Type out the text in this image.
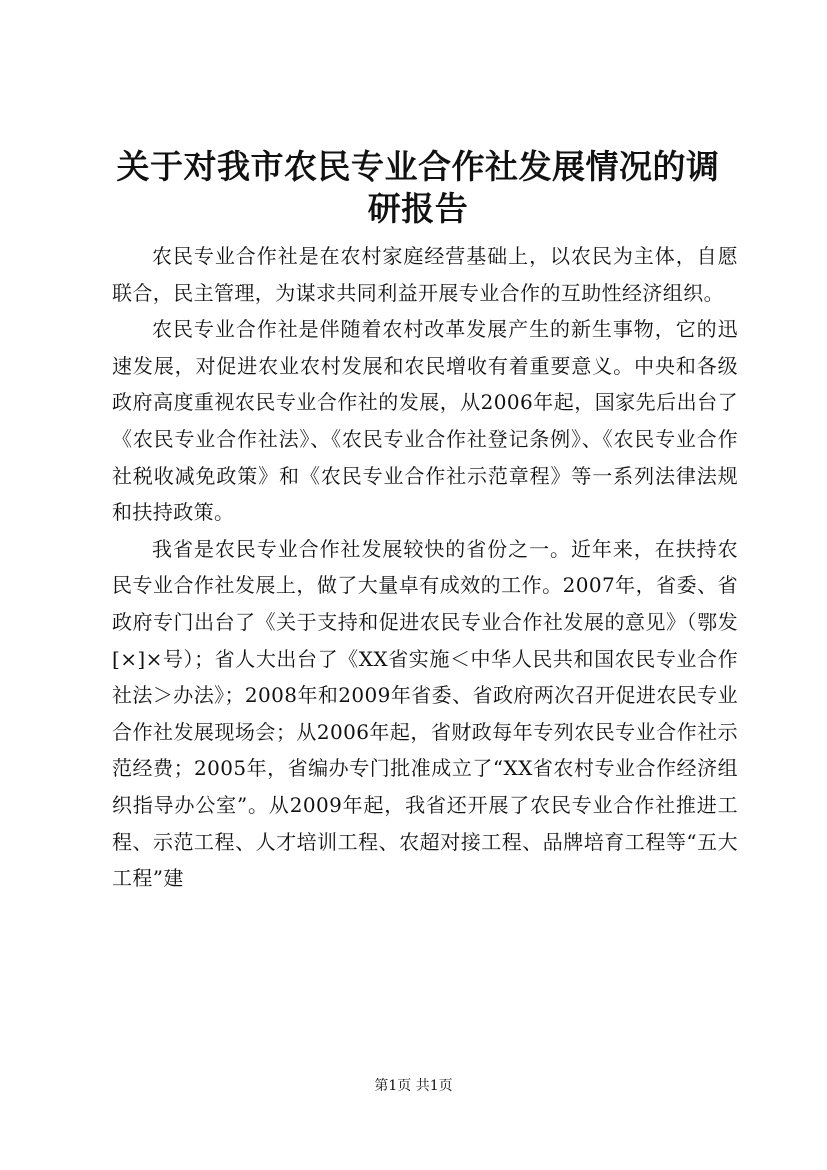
关于对我市农民专业合作社发展情况的调研报告

农民专业合作社是在农村家庭经营基础上，以农民为主体，自愿联合，民主管理，为谋求共同利益开展专业合作的互助性经济组织。

农民专业合作社是伴随着农村改革发展产生的新生事物，它的迅速发展，对促进农业农村发展和农民增收有着重要意义。中央和各级政府高度重视农民专业合作社的发展，从2006年起，国家先后出台了《农民专业合作社法》、《农民专业合作社登记条例》、《农民专业合作社税收减免政策》和《农民专业合作社示范章程》等一系列法律法规和扶持政策。

我省是农民专业合作社发展较快的省份之一。近年来，在扶持农民专业合作社发展上，做了大量卓有成效的工作。2007年，省委、省政府专门出台了《关于支持和促进农民专业合作社发展的意见》（鄂发[×]×号）；省人大出台了《XX省实施＜中华人民共和国农民专业合作社法＞办法》；2008年和2009年省委、省政府两次召开促进农民专业合作社发展现场会；从2006年起，省财政每年专列农民专业合作社示范经费；2005年，省编办专门批准成立了“XX省农村专业合作经济组织指导办公室”。从2009年起，我省还开展了农民专业合作社推进工程、示范工程、人才培训工程、农超对接工程、品牌培育工程等“五大工程”建

第1页 共1页
